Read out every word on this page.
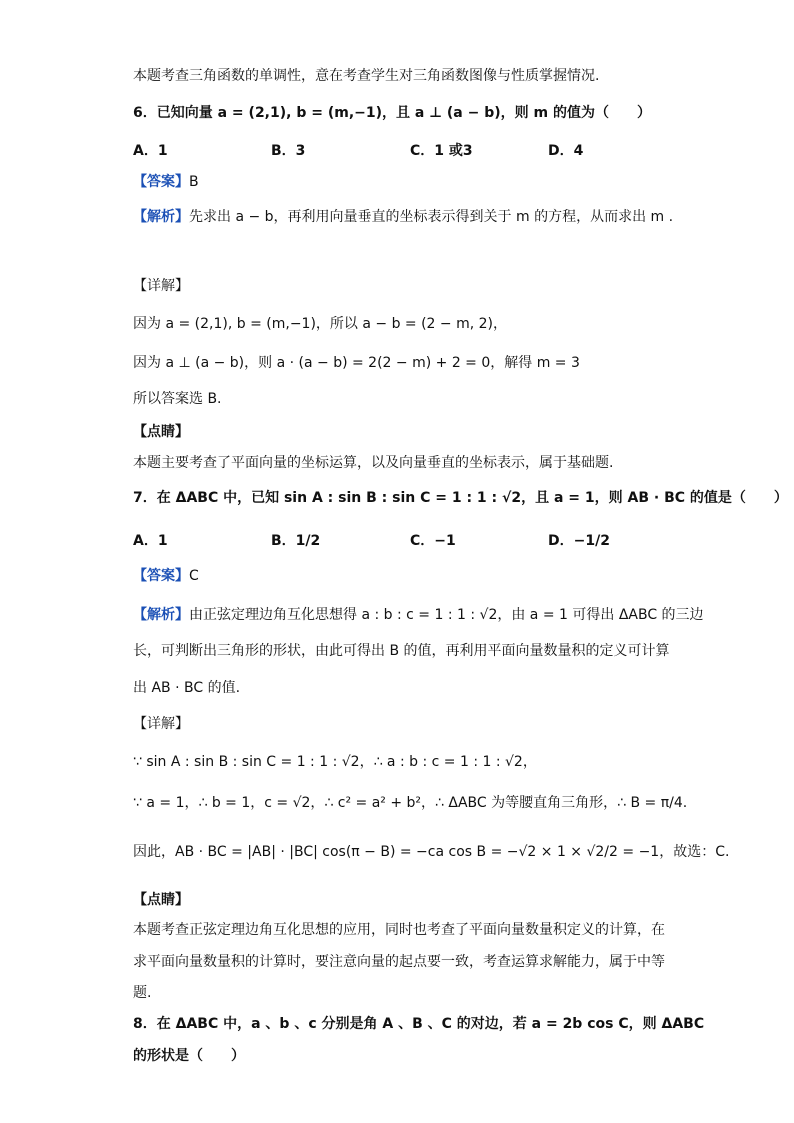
本题考查三角函数的单调性，意在考查学生对三角函数图像与性质掌握情况.
6．已知向量 a = (2,1), b = (m,−1)，且 a ⊥ (a − b)，则 m 的值为（　　）
A．1	B．3	C．1 或3	D．4
【答案】B
【解析】先求出 a − b，再利用向量垂直的坐标表示得到关于 m 的方程，从而求出 m .
【详解】
因为 a = (2,1), b = (m,−1)，所以 a − b = (2 − m, 2)，
因为 a ⊥ (a − b)，则 a · (a − b) = 2(2 − m) + 2 = 0，解得 m = 3
所以答案选 B.
【点睛】
本题主要考查了平面向量的坐标运算，以及向量垂直的坐标表示，属于基础题.
7．在 ΔABC 中，已知 sin A : sin B : sin C = 1 : 1 : √2，且 a = 1，则 AB · BC 的值是（　　）
A．1	B．1/2	C．−1	D．−1/2
【答案】C
【解析】由正弦定理边角互化思想得 a : b : c = 1 : 1 : √2，由 a = 1 可得出 ΔABC 的三边
长，可判断出三角形的形状，由此可得出 B 的值，再利用平面向量数量积的定义可计算
出 AB · BC 的值.
【详解】
∵ sin A : sin B : sin C = 1 : 1 : √2，∴ a : b : c = 1 : 1 : √2，
∵ a = 1，∴ b = 1，c = √2，∴ c² = a² + b²，∴ ΔABC 为等腰直角三角形，∴ B = π/4.
因此，AB · BC = |AB| · |BC| cos(π − B) = −ca cos B = −√2 × 1 × √2/2 = −1，故选：C.
【点睛】
本题考查正弦定理边角互化思想的应用，同时也考查了平面向量数量积定义的计算，在
求平面向量数量积的计算时，要注意向量的起点要一致，考查运算求解能力，属于中等
题.
8．在 ΔABC 中，a 、b 、c 分别是角 A 、B 、C 的对边，若 a = 2b cos C，则 ΔABC
的形状是（　　）
